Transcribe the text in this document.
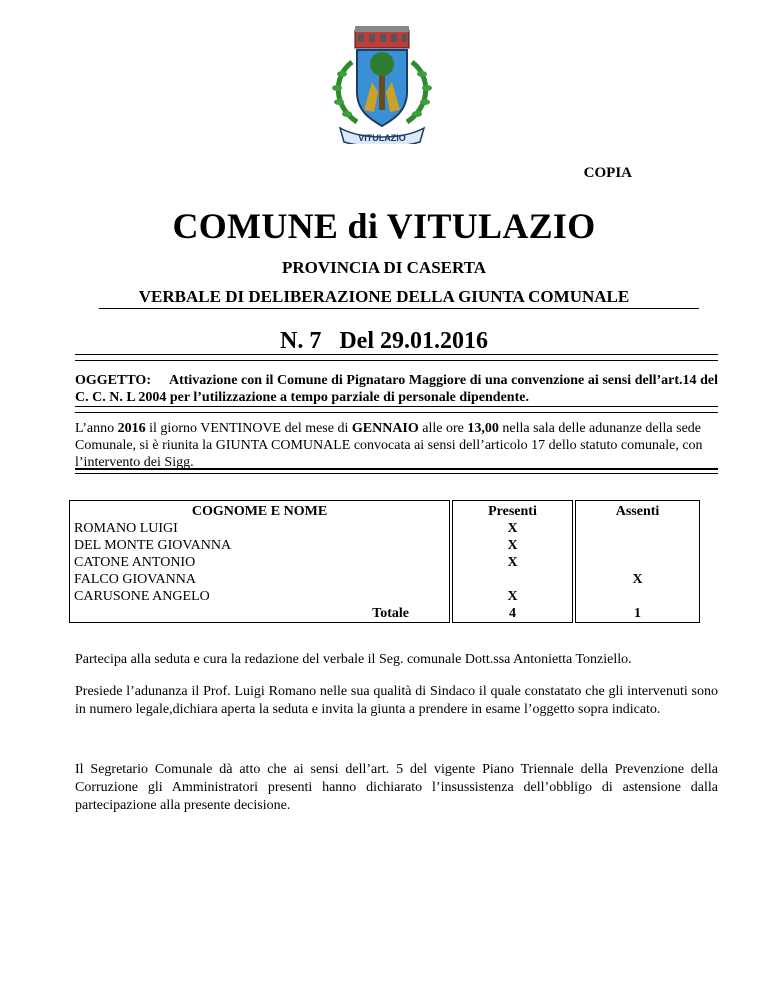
VITULAZIO
COPIA
COMUNE di VITULAZIO
PROVINCIA DI CASERTA
VERBALE DI DELIBERAZIONE DELLA GIUNTA COMUNALE
N. 7 Del 29.01.2016
OGGETTO: Attivazione con il Comune di Pignataro Maggiore di una convenzione ai sensi dell’art.14 del C. C. N. L 2004 per l’utilizzazione a tempo parziale di personale dipendente.
L’anno 2016 il giorno VENTINOVE del mese di GENNAIO alle ore 13,00 nella sala delle adunanze della sede Comunale, si è riunita la GIUNTA COMUNALE convocata ai sensi dell’articolo 17 dello statuto comunale, con l’intervento dei Sigg.
COGNOME E NOME		Presenti		Assenti
ROMANO LUIGI		X		
DEL MONTE GIOVANNA		X		
CATONE ANTONIO		X		
FALCO GIOVANNA				X
CARUSONE ANGELO		X		
Totale		4		1
Partecipa alla seduta e cura la redazione del verbale il Seg. comunale Dott.ssa Antonietta Tonziello.
Presiede l’adunanza il Prof. Luigi Romano nelle sua qualità di Sindaco il quale constatato che gli intervenuti sono in numero legale,dichiara aperta la seduta e invita la giunta a prendere in esame l’oggetto sopra indicato.
Il Segretario Comunale dà atto che ai sensi dell’art. 5 del vigente Piano Triennale della Prevenzione della Corruzione gli Amministratori presenti hanno dichiarato l’insussistenza dell’obbligo di astensione dalla partecipazione alla presente decisione.
